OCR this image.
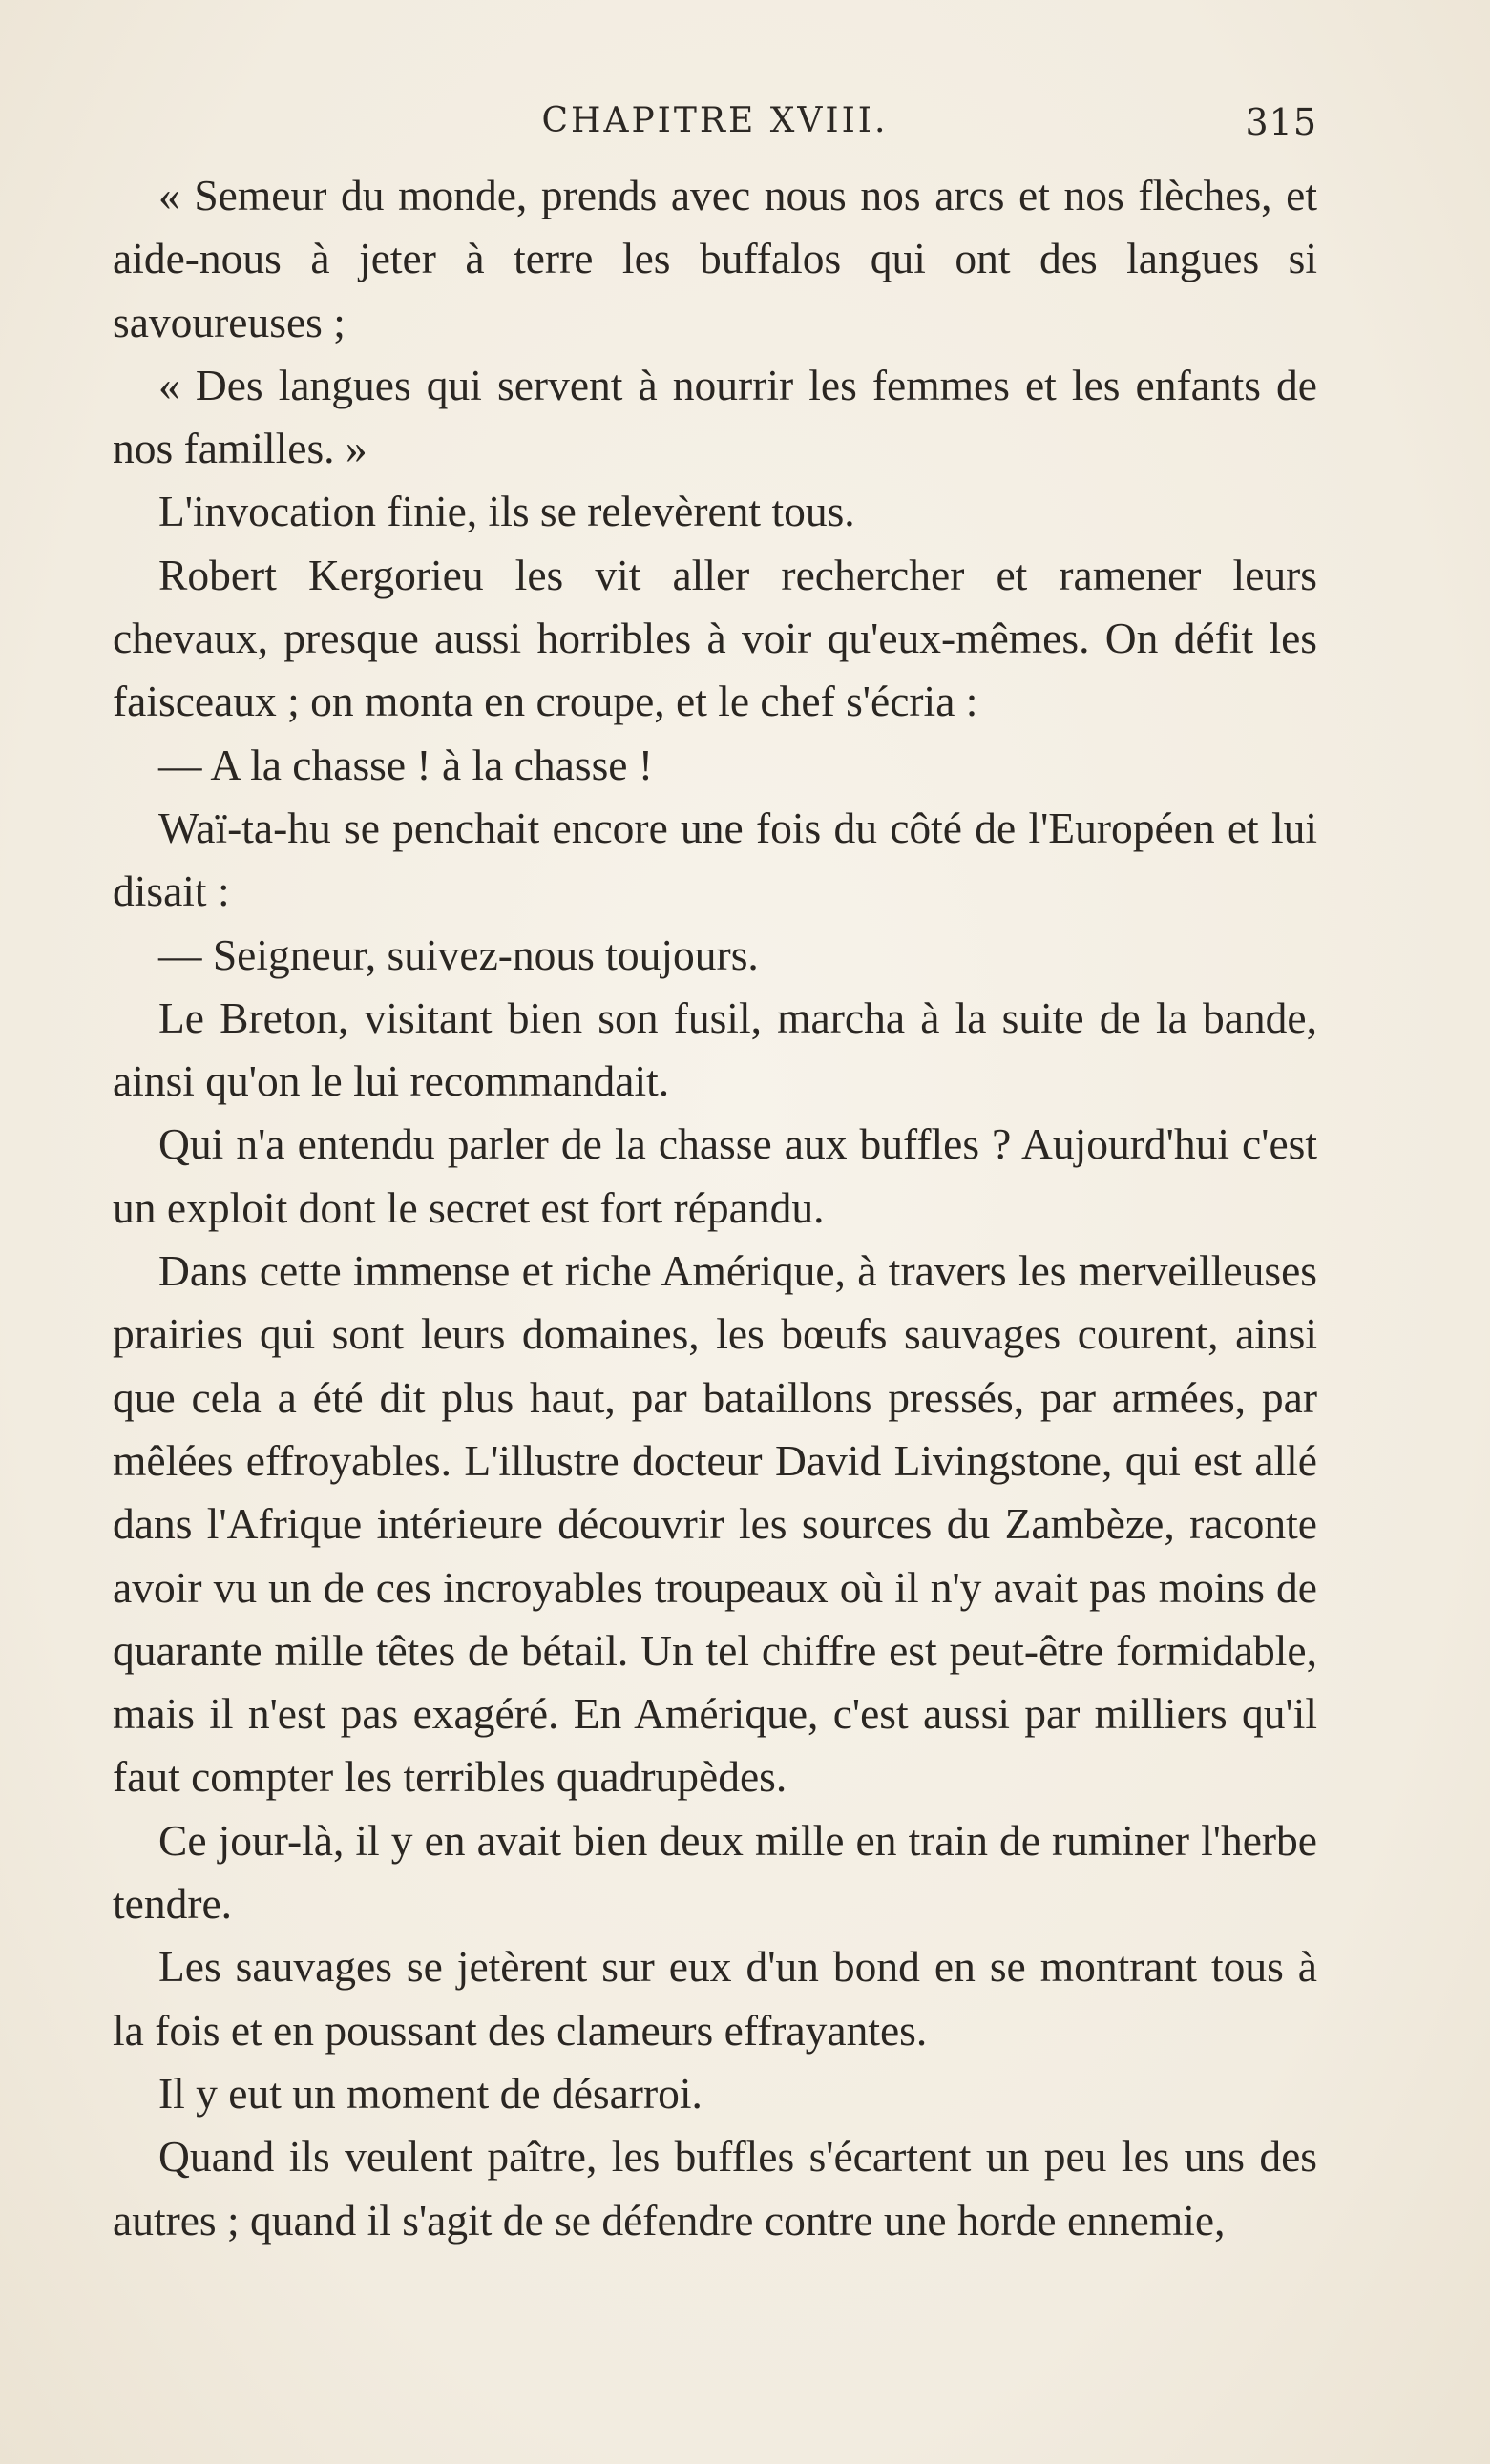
CHAPITRE XVIII.	315

« Semeur du monde, prends avec nous nos arcs et nos flèches, et aide-nous à jeter à terre les buffalos qui ont des langues si savoureuses ;

« Des langues qui servent à nourrir les femmes et les enfants de nos familles. »

L'invocation finie, ils se relevèrent tous.

Robert Kergorieu les vit aller rechercher et ramener leurs chevaux, presque aussi horribles à voir qu'eux-mêmes. On défit les faisceaux ; on monta en croupe, et le chef s'écria :

— A la chasse ! à la chasse !

Waï-ta-hu se penchait encore une fois du côté de l'Européen et lui disait :

— Seigneur, suivez-nous toujours.

Le Breton, visitant bien son fusil, marcha à la suite de la bande, ainsi qu'on le lui recommandait.

Qui n'a entendu parler de la chasse aux buffles ? Aujourd'hui c'est un exploit dont le secret est fort répandu.

Dans cette immense et riche Amérique, à travers les merveilleuses prairies qui sont leurs domaines, les bœufs sauvages courent, ainsi que cela a été dit plus haut, par bataillons pressés, par armées, par mêlées effroyables. L'illustre docteur David Livingstone, qui est allé dans l'Afrique intérieure découvrir les sources du Zambèze, raconte avoir vu un de ces incroyables troupeaux où il n'y avait pas moins de quarante mille têtes de bétail. Un tel chiffre est peut-être formidable, mais il n'est pas exagéré. En Amérique, c'est aussi par milliers qu'il faut compter les terribles quadrupèdes.

Ce jour-là, il y en avait bien deux mille en train de ruminer l'herbe tendre.

Les sauvages se jetèrent sur eux d'un bond en se montrant tous à la fois et en poussant des clameurs effrayantes.

Il y eut un moment de désarroi.

Quand ils veulent paître, les buffles s'écartent un peu les uns des autres ; quand il s'agit de se défendre contre une horde ennemie,
